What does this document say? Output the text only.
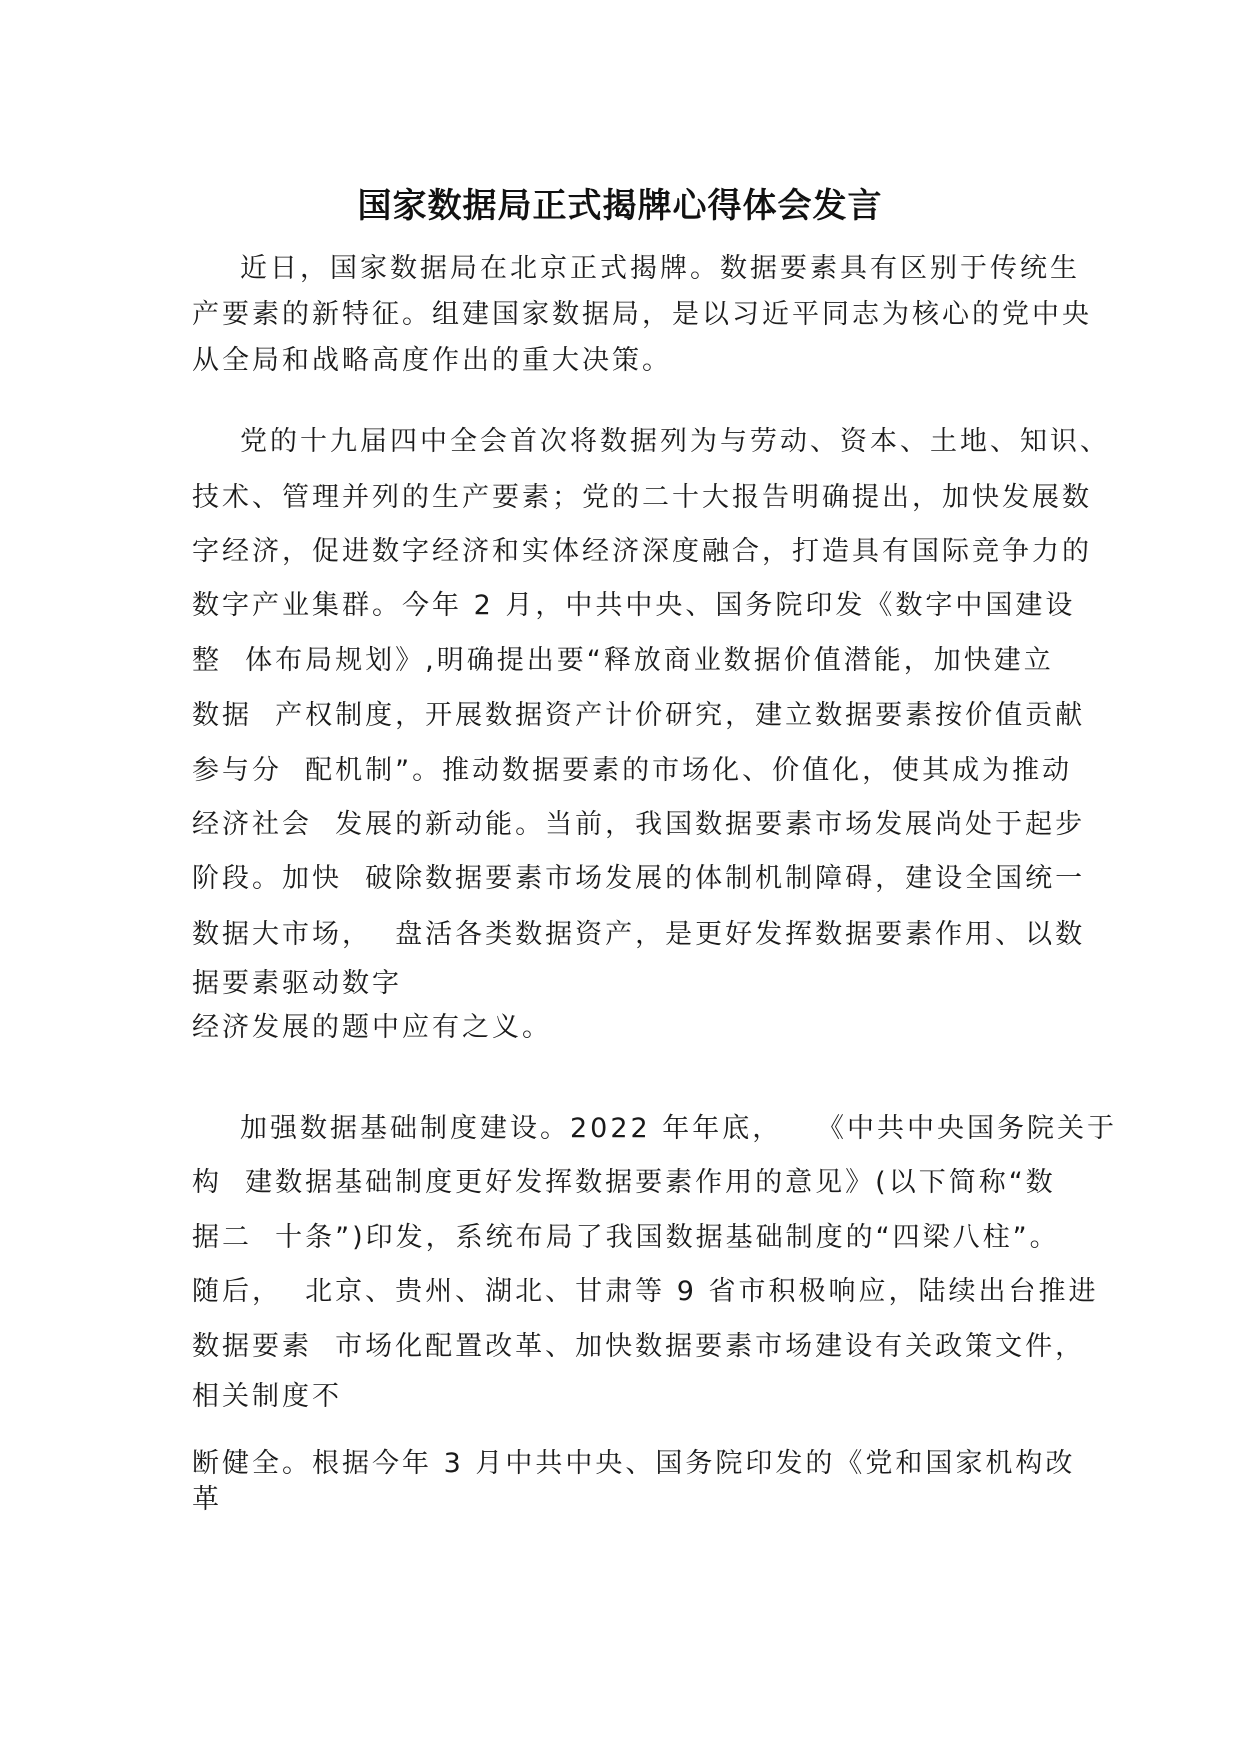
国家数据局正式揭牌心得体会发言
近日，国家数据局在北京正式揭牌。数据要素具有区别于传统生
产要素的新特征。组建国家数据局，是以习近平同志为核心的党中央
从全局和战略高度作出的重大决策。
党的十九届四中全会首次将数据列为与劳动、资本、土地、知识、
技术、管理并列的生产要素；党的二十大报告明确提出，加快发展数
字经济，促进数字经济和实体经济深度融合，打造具有国际竞争力的
数字产业集群。今年 2 月，中共中央、国务院印发《数字中国建设
整  体布局规划》,明确提出要“释放商业数据价值潜能，加快建立
数据  产权制度，开展数据资产计价研究，建立数据要素按价值贡献
参与分  配机制”。推动数据要素的市场化、价值化，使其成为推动
经济社会  发展的新动能。当前，我国数据要素市场发展尚处于起步
阶段。加快  破除数据要素市场发展的体制机制障碍，建设全国统一
数据大市场，  盘活各类数据资产，是更好发挥数据要素作用、以数
据要素驱动数字
经济发展的题中应有之义。
加强数据基础制度建设。2022 年年底，   《中共中央国务院关于
构  建数据基础制度更好发挥数据要素作用的意见》(以下简称“数
据二  十条”)印发，系统布局了我国数据基础制度的“四梁八柱”。
随后，  北京、贵州、湖北、甘肃等 9 省市积极响应，陆续出台推进
数据要素  市场化配置改革、加快数据要素市场建设有关政策文件，
相关制度不
断健全。根据今年 3 月中共中央、国务院印发的《党和国家机构改
革
